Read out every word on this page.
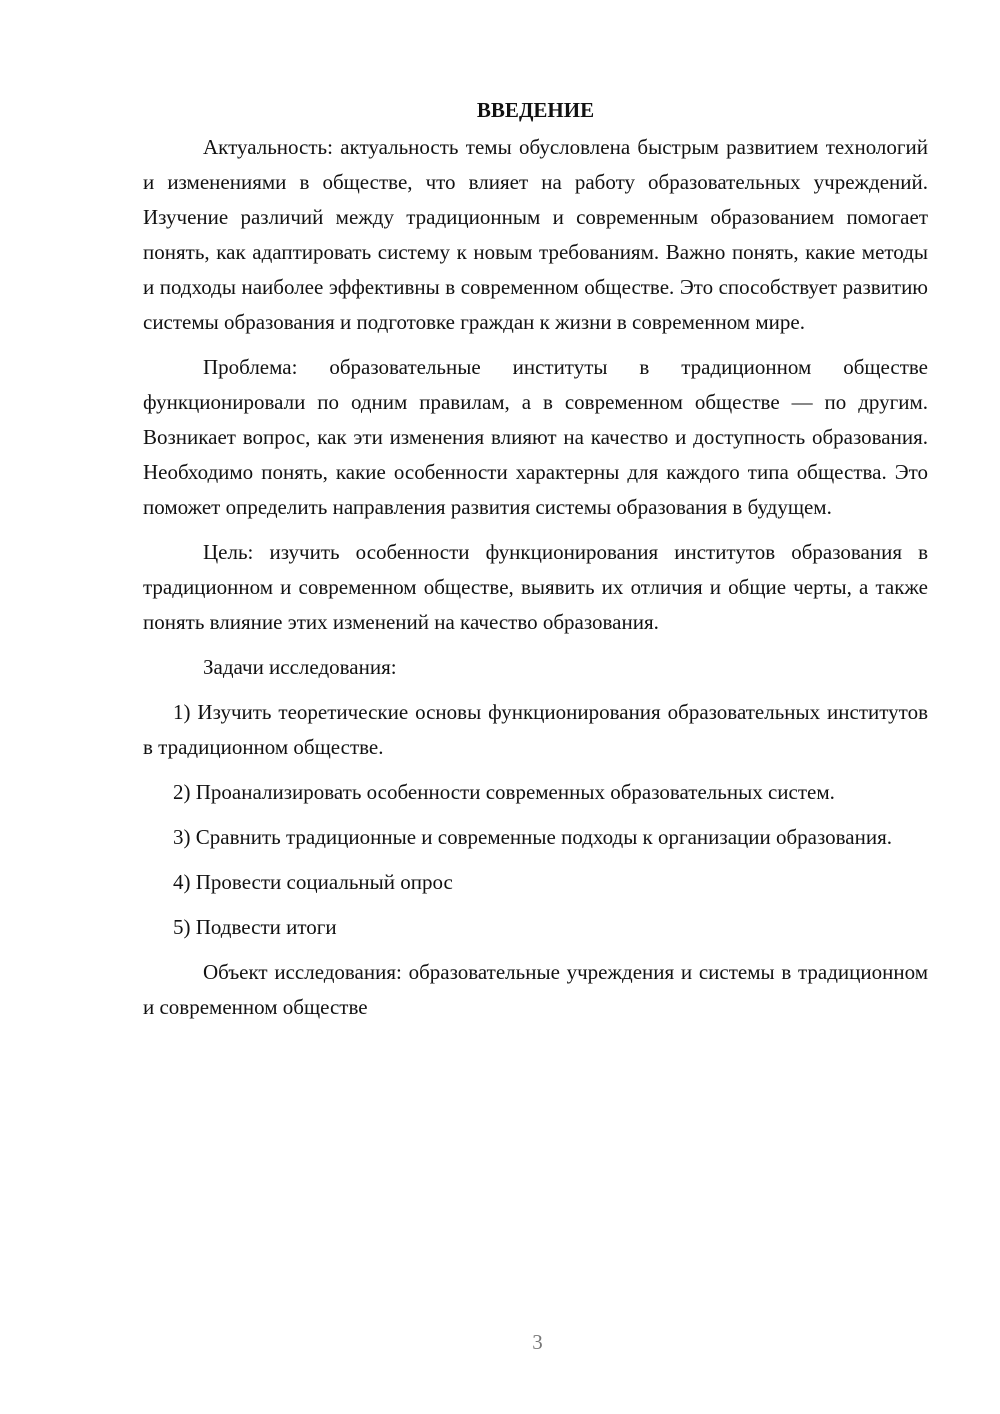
ВВЕДЕНИЕ

Актуальность: актуальность темы обусловлена быстрым развитием технологий и изменениями в обществе, что влияет на работу образовательных учреждений. Изучение различий между традиционным и современным образованием помогает понять, как адаптировать систему к новым требованиям. Важно понять, какие методы и подходы наиболее эффективны в современном обществе. Это способствует развитию системы образования и подготовке граждан к жизни в современном мире.

Проблема: образовательные институты в традиционном обществе функционировали по одним правилам, а в современном обществе — по другим. Возникает вопрос, как эти изменения влияют на качество и доступность образования. Необходимо понять, какие особенности характерны для каждого типа общества. Это поможет определить направления развития системы образования в будущем.

Цель: изучить особенности функционирования институтов образования в традиционном и современном обществе, выявить их отличия и общие черты, а также понять влияние этих изменений на качество образования.

Задачи исследования:

1) Изучить теоретические основы функционирования образовательных институтов в традиционном обществе.

2) Проанализировать особенности современных образовательных систем.

3) Сравнить традиционные и современные подходы к организации образования.

4) Провести социальный опрос

5) Подвести итоги

Объект исследования: образовательные учреждения и системы в традиционном и современном обществе

3
